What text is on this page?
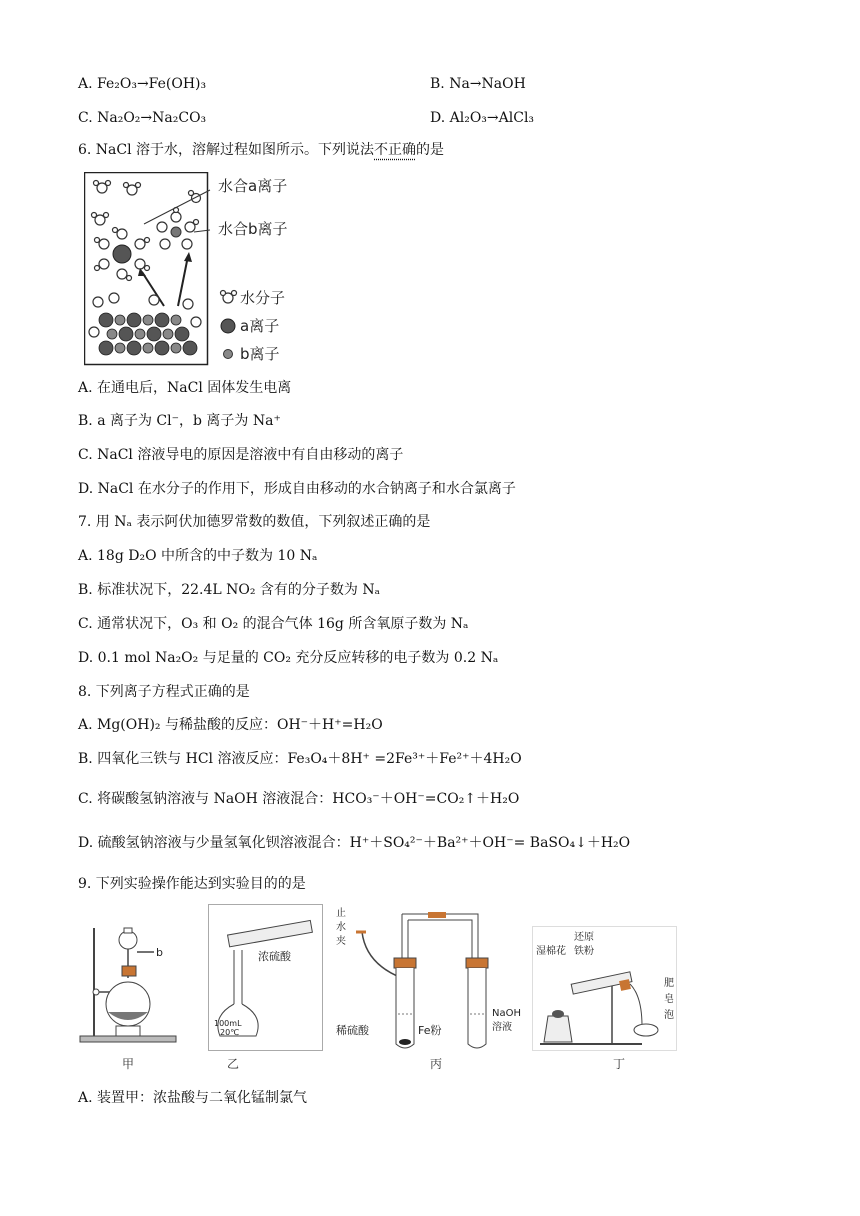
A. Fe₂O₃→Fe(OH)₃	B. Na→NaOH
C. Na₂O₂→Na₂CO₃	D. Al₂O₃→AlCl₃
6. NaCl 溶于水，溶解过程如图所示。下列说法不正确的是
水合a离子
水合b离子
水分子
a离子
b离子
A. 在通电后，NaCl 固体发生电离
B. a 离子为 Cl⁻，b 离子为 Na⁺
C. NaCl 溶液导电的原因是溶液中有自由移动的离子
D. NaCl 在水分子的作用下，形成自由移动的水合钠离子和水合氯离子
7. 用 Nₐ 表示阿伏加德罗常数的数值，下列叙述正确的是
A. 18g D₂O 中所含的中子数为 10 Nₐ
B. 标准状况下，22.4L NO₂ 含有的分子数为 Nₐ
C. 通常状况下，O₃ 和 O₂ 的混合气体 16g 所含氧原子数为 Nₐ
D. 0.1 mol Na₂O₂ 与足量的 CO₂ 充分反应转移的电子数为 0.2 Nₐ
8. 下列离子方程式正确的是
A. Mg(OH)₂ 与稀盐酸的反应：OH⁻＋H⁺=H₂O
B. 四氧化三铁与 HCl 溶液反应：Fe₃O₄＋8H⁺ =2Fe³⁺＋Fe²⁺＋4H₂O
C. 将碳酸氢钠溶液与 NaOH 溶液混合：HCO₃⁻＋OH⁻=CO₂↑＋H₂O
D. 硫酸氢钠溶液与少量氢氧化钡溶液混合：H⁺＋SO₄²⁻＋Ba²⁺＋OH⁻= BaSO₄↓＋H₂O
9. 下列实验操作能达到实验目的的是
b
甲
浓硫酸
100mL
20℃
乙
止
水
夹
稀硫酸	Fe粉
NaOH
溶液
丙
还原
铁粉
湿棉花
肥
皂
泡
丁
A. 装置甲：浓盐酸与二氧化锰制氯气
